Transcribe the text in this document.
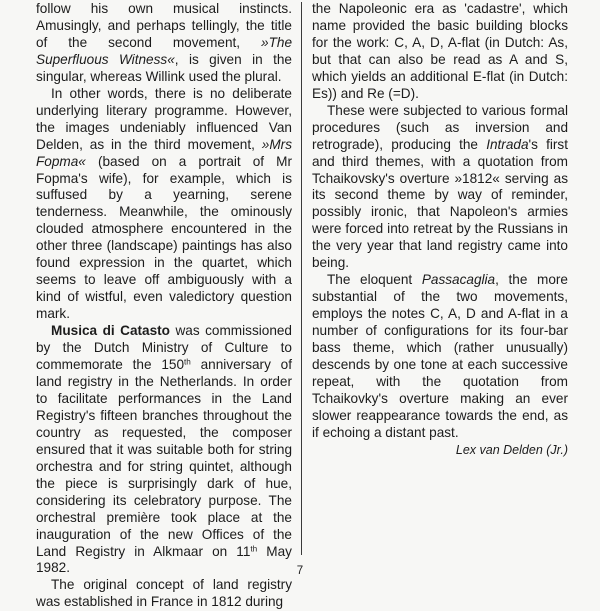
follow his own musical instincts. Amusingly, and perhaps tellingly, the title of the second movement, »The Superfluous Witness«, is given in the singular, whereas Willink used the plural.

In other words, there is no deliberate underlying literary programme. However, the images undeniably influenced Van Delden, as in the third movement, »Mrs Fopma« (based on a portrait of Mr Fopma's wife), for example, which is suffused by a yearning, serene tenderness. Meanwhile, the ominously clouded atmosphere encountered in the other three (landscape) paintings has also found expression in the quartet, which seems to leave off ambiguously with a kind of wistful, even valedictory question mark.

Musica di Catasto was commissioned by the Dutch Ministry of Culture to commemorate the 150th anniversary of land registry in the Netherlands. In order to facilitate performances in the Land Registry's fifteen branches throughout the country as requested, the composer ensured that it was suitable both for string orchestra and for string quintet, although the piece is surprisingly dark of hue, considering its celebratory purpose. The orchestral première took place at the inauguration of the new Offices of the Land Registry in Alkmaar on 11th May 1982.

The original concept of land registry was established in France in 1812 during

the Napoleonic era as 'cadastre', which name provided the basic building blocks for the work: C, A, D, A-flat (in Dutch: As, but that can also be read as A and S, which yields an additional E-flat (in Dutch: Es)) and Re (=D).

These were subjected to various formal procedures (such as inversion and retrograde), producing the Intrada's first and third themes, with a quotation from Tchaikovsky's overture »1812« serving as its second theme by way of reminder, possibly ironic, that Napoleon's armies were forced into retreat by the Russians in the very year that land registry came into being.

The eloquent Passacaglia, the more substantial of the two movements, employs the notes C, A, D and A-flat in a number of configurations for its four-bar bass theme, which (rather unusually) descends by one tone at each successive repeat, with the quotation from Tchaikovky's overture making an ever slower reappearance towards the end, as if echoing a distant past.

Lex van Delden (Jr.)

7
